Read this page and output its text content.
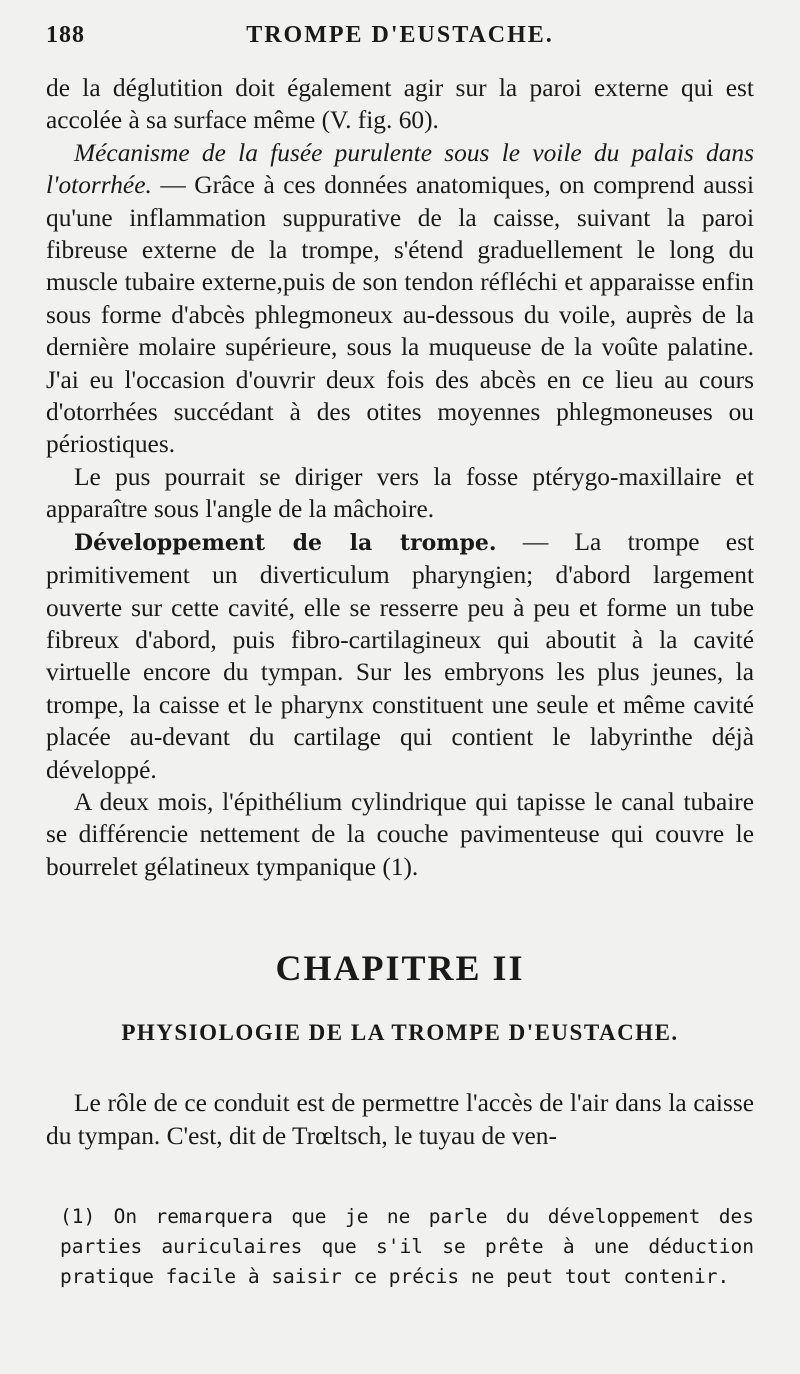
188	TROMPE D'EUSTACHE.

de la déglutition doit également agir sur la paroi externe qui est accolée à sa surface même (V. fig. 60).

Mécanisme de la fusée purulente sous le voile du palais dans l'otorrhée. — Grâce à ces données anatomiques, on comprend aussi qu'une inflammation suppurative de la caisse, suivant la paroi fibreuse externe de la trompe, s'étend graduellement le long du muscle tubaire externe,puis de son tendon réfléchi et apparaisse enfin sous forme d'abcès phlegmoneux au-dessous du voile, auprès de la dernière molaire supérieure, sous la muqueuse de la voûte palatine. J'ai eu l'occasion d'ouvrir deux fois des abcès en ce lieu au cours d'otorrhées succédant à des otites moyennes phlegmoneuses ou périostiques.

Le pus pourrait se diriger vers la fosse ptérygo-maxillaire et apparaître sous l'angle de la mâchoire.

Développement de la trompe. — La trompe est primitivement un diverticulum pharyngien; d'abord largement ouverte sur cette cavité, elle se resserre peu à peu et forme un tube fibreux d'abord, puis fibro-cartilagineux qui aboutit à la cavité virtuelle encore du tympan. Sur les embryons les plus jeunes, la trompe, la caisse et le pharynx constituent une seule et même cavité placée au-devant du cartilage qui contient le labyrinthe déjà développé.

A deux mois, l'épithélium cylindrique qui tapisse le canal tubaire se différencie nettement de la couche pavimenteuse qui couvre le bourrelet gélatineux tympanique (1).

CHAPITRE II
PHYSIOLOGIE DE LA TROMPE D'EUSTACHE.

Le rôle de ce conduit est de permettre l'accès de l'air dans la caisse du tympan. C'est, dit de Trœltsch, le tuyau de ven-

(1) On remarquera que je ne parle du développement des parties auriculaires que s'il se prête à une déduction pratique facile à saisir ce précis ne peut tout contenir.
